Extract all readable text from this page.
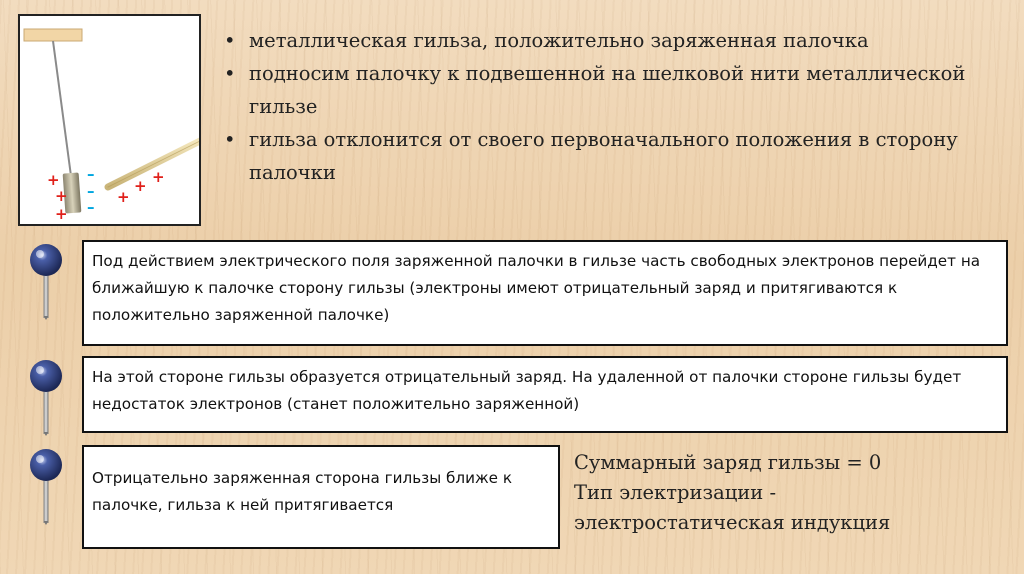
+
+
+
–
–
–
+
+ +
• металлическая гильза, положительно заряженная палочка
• подносим палочку к подвешенной на шелковой нити металлической гильзе
• гильза отклонится от своего первоначального положения в сторону палочки
Под действием электрического поля заряженной палочки в гильзе часть свободных электронов перейдет на ближайшую к палочке сторону гильзы (электроны имеют отрицательный заряд и притягиваются к положительно заряженной палочке)
На этой стороне гильзы образуется отрицательный заряд. На удаленной от палочки стороне гильзы будет недостаток электронов (станет положительно заряженной)
Отрицательно заряженная сторона гильзы ближе к палочке, гильза к ней притягивается
Суммарный заряд гильзы = 0
Тип электризации -
электростатическая индукция
